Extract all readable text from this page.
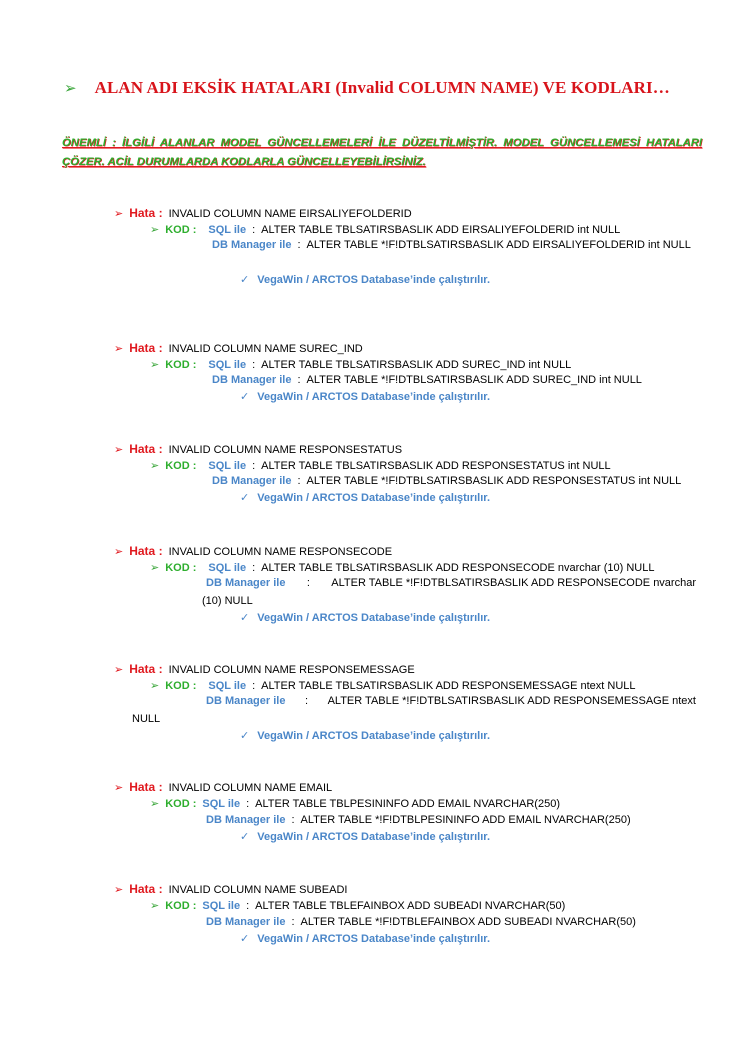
➢ ALAN ADI EKSİK HATALARI (Invalid COLUMN NAME) VE KODLARI…
ÖNEMLİ : İLGİLİ ALANLAR MODEL GÜNCELLEMELERİ İLE DÜZELTİLMİŞTİR. MODEL GÜNCELLEMESİ HATALARI ÇÖZER. ACİL DURUMLARDA KODLARLA GÜNCELLEYEBİLİRSİNİZ.
➢ Hata : INVALID COLUMN NAME EIRSALIYEFOLDERID
➢ KOD : SQL ile : ALTER TABLE TBLSATIRSBASLIK ADD EIRSALIYEFOLDERID int NULL
DB Manager ile : ALTER TABLE *!F!DTBLSATIRSBASLIK ADD EIRSALIYEFOLDERID int NULL
✓ VegaWin / ARCTOS Database’inde çalıştırılır.
➢ Hata : INVALID COLUMN NAME SUREC_IND
➢ KOD : SQL ile : ALTER TABLE TBLSATIRSBASLIK ADD SUREC_IND int NULL
DB Manager ile : ALTER TABLE *!F!DTBLSATIRSBASLIK ADD SUREC_IND int NULL
✓ VegaWin / ARCTOS Database’inde çalıştırılır.
➢ Hata : INVALID COLUMN NAME RESPONSESTATUS
➢ KOD : SQL ile : ALTER TABLE TBLSATIRSBASLIK ADD RESPONSESTATUS int NULL
DB Manager ile : ALTER TABLE *!F!DTBLSATIRSBASLIK ADD RESPONSESTATUS int NULL
✓ VegaWin / ARCTOS Database’inde çalıştırılır.
➢ Hata : INVALID COLUMN NAME RESPONSECODE
➢ KOD : SQL ile : ALTER TABLE TBLSATIRSBASLIK ADD RESPONSECODE nvarchar (10) NULL
DB Manager ile : ALTER TABLE *!F!DTBLSATIRSBASLIK ADD RESPONSECODE nvarchar
(10) NULL
✓ VegaWin / ARCTOS Database’inde çalıştırılır.
➢ Hata : INVALID COLUMN NAME RESPONSEMESSAGE
➢ KOD : SQL ile : ALTER TABLE TBLSATIRSBASLIK ADD RESPONSEMESSAGE ntext NULL
DB Manager ile : ALTER TABLE *!F!DTBLSATIRSBASLIK ADD RESPONSEMESSAGE ntext
NULL
✓ VegaWin / ARCTOS Database’inde çalıştırılır.
➢ Hata : INVALID COLUMN NAME EMAIL
➢ KOD : SQL ile : ALTER TABLE TBLPESININFO ADD EMAIL NVARCHAR(250)
DB Manager ile : ALTER TABLE *!F!DTBLPESININFO ADD EMAIL NVARCHAR(250)
✓ VegaWin / ARCTOS Database’inde çalıştırılır.
➢ Hata : INVALID COLUMN NAME SUBEADI
➢ KOD : SQL ile : ALTER TABLE TBLEFAINBOX ADD SUBEADI NVARCHAR(50)
DB Manager ile : ALTER TABLE *!F!DTBLEFAINBOX ADD SUBEADI NVARCHAR(50)
✓ VegaWin / ARCTOS Database’inde çalıştırılır.
